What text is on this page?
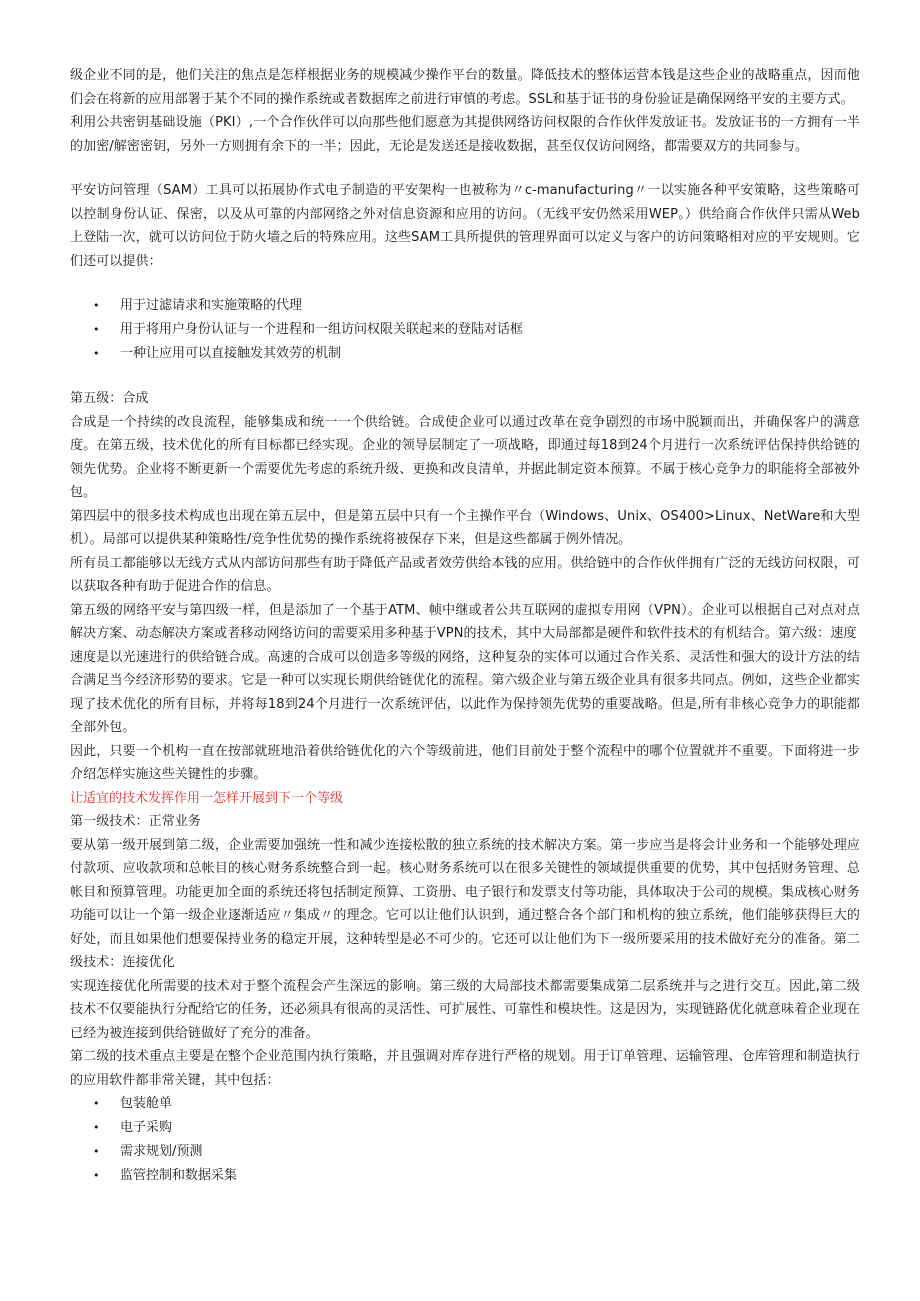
级企业不同的是，他们关注的焦点是怎样根据业务的规模减少操作平台的数量。降低技术的整体运营本钱是这些企业的战略重点，因而他们会在将新的应用部署于某个不同的操作系统或者数据库之前进行审慎的考虑。SSL和基于证书的身份验证是确保网络平安的主要方式。
利用公共密钥基础设施（PKI）,一个合作伙伴可以向那些他们愿意为其提供网络访问权限的合作伙伴发放证书。发放证书的一方拥有一半的加密/解密密钥，另外一方则拥有余下的一半；因此，无论是发送还是接收数据，甚至仅仅访问网络，都需要双方的共同参与。

平安访问管理（SAM）工具可以拓展协作式电子制造的平安架构一也被称为〃c-manufacturing〃一以实施各种平安策略，这些策略可以控制身份认证、保密，以及从可靠的内部网络之外对信息资源和应用的访问。（无线平安仍然采用WEP。）供给商合作伙伴只需从Web上登陆一次，就可以访问位于防火墙之后的特殊应用。这些SAM工具所提供的管理界面可以定义与客户的访问策略相对应的平安规则。它们还可以提供：

• 用于过滤请求和实施策略的代理
• 用于将用户身份认证与一个进程和一组访问权限关联起来的登陆对话框
• 一种让应用可以直接触发其效劳的机制

第五级：合成
合成是一个持续的改良流程，能够集成和统一一个供给链。合成使企业可以通过改革在竞争剧烈的市场中脱颖而出，并确保客户的满意度。在第五级，技术优化的所有目标都已经实现。企业的领导层制定了一项战略，即通过每18到24个月进行一次系统评估保持供给链的领先优势。企业将不断更新一个需要优先考虑的系统升级、更换和改良清单，并据此制定资本预算。不属于核心竞争力的职能将全部被外包。
第四层中的很多技术构成也出现在第五层中，但是第五层中只有一个主操作平台（Windows、Unix、OS400>Linux、NetWare和大型机）。局部可以提供某种策略性/竞争性优势的操作系统将被保存下来，但是这些都属于例外情况。
所有员工都能够以无线方式从内部访问那些有助于降低产品或者效劳供给本钱的应用。供给链中的合作伙伴拥有广泛的无线访问权限，可以获取各种有助于促进合作的信息。
第五级的网络平安与第四级一样，但是添加了一个基于ATM、帧中继或者公共互联网的虚拟专用网（VPN）。企业可以根据自己对点对点解决方案、动态解决方案或者移动网络访问的需要采用多种基于VPN的技术，其中大局部都是硬件和软件技术的有机结合。第六级：速度
速度是以光速进行的供给链合成。高速的合成可以创造多等级的网络，这种复杂的实体可以通过合作关系、灵活性和强大的设计方法的结合满足当今经济形势的要求。它是一种可以实现长期供给链优化的流程。第六级企业与第五级企业具有很多共同点。例如，这些企业都实现了技术优化的所有目标，并将每18到24个月进行一次系统评估，以此作为保持领先优势的重要战略。但是,所有非核心竞争力的职能都全部外包。
因此，只要一个机构一直在按部就班地沿着供给链优化的六个等级前进，他们目前处于整个流程中的哪个位置就并不重要。下面将进一步介绍怎样实施这些关键性的步骤。

让适宜的技术发挥作用一怎样开展到下一个等级

第一级技术：正常业务
要从第一级开展到第二级，企业需要加强统一性和减少连接松散的独立系统的技术解决方案。第一步应当是将会计业务和一个能够处理应付款项、应收款项和总帐目的核心财务系统整合到一起。核心财务系统可以在很多关键性的领域提供重要的优势，其中包括财务管理、总帐目和预算管理。功能更加全面的系统还将包括制定预算、工资册、电子银行和发票支付等功能，具体取决于公司的规模。集成核心财务功能可以让一个第一级企业逐渐适应〃集成〃的理念。它可以让他们认识到，通过整合各个部门和机构的独立系统，他们能够获得巨大的好处，而且如果他们想要保持业务的稳定开展，这种转型是必不可少的。它还可以让他们为下一级所要采用的技术做好充分的准备。第二级技术：连接优化
实现连接优化所需要的技术对于整个流程会产生深远的影响。第三级的大局部技术都需要集成第二层系统并与之进行交互。因此,第二级技术不仅要能执行分配给它的任务，还必须具有很高的灵活性、可扩展性、可靠性和模块性。这是因为，实现链路优化就意味着企业现在已经为被连接到供给链做好了充分的准备。
第二级的技术重点主要是在整个企业范围内执行策略，并且强调对库存进行严格的规划。用于订单管理、运输管理、仓库管理和制造执行的应用软件都非常关键，其中包括：

• 包装舱单
• 电子采购
• 需求规划/预测
• 监管控制和数据采集
